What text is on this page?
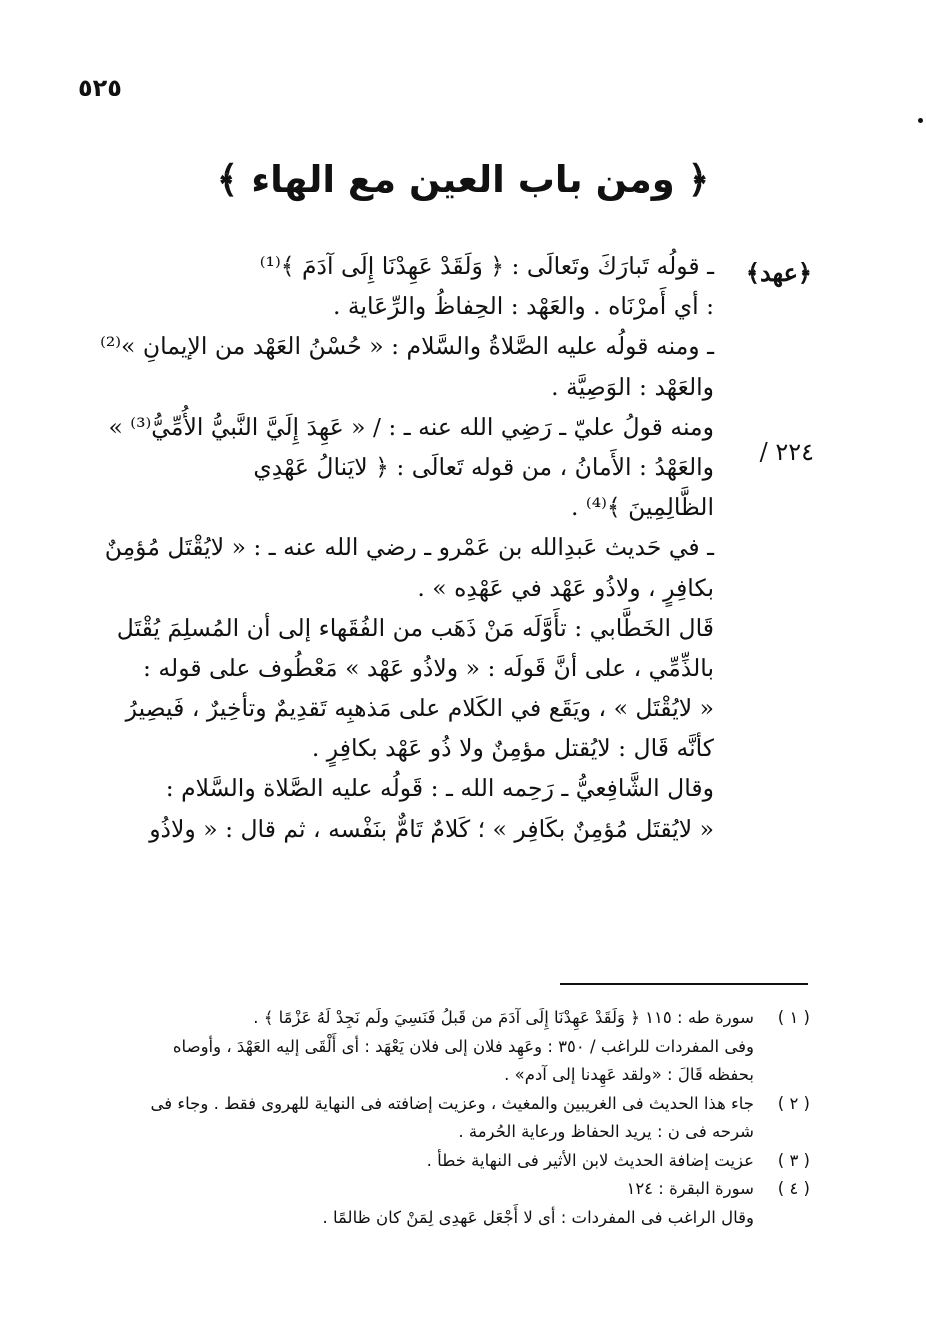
٥٢٥
﴿ ومن باب العين مع الهاء ﴾
﴿عهد﴾
٢٢٤ /
ـ قولُه تَبارَكَ وتَعالَى : ﴿ وَلَقَدْ عَهِدْنَا إِلَى آدَمَ ﴾⁽¹⁾
: أي أَمرْنَاه . والعَهْد : الحِفاظُ والرِّعَاية .
ـ ومنه قولُه عليه الصَّلاةُ والسَّلام : « حُسْنُ العَهْد من الإيمانِ »⁽²⁾
والعَهْد : الوَصِيَّة .
ومنه قولُ عليّ ـ رَضِي الله عنه ـ : / « عَهِدَ إِلَيَّ النَّبيُّ الأُمِّيُّ⁽³⁾ »
والعَهْدُ : الأَمانُ ، من قوله تَعالَى : ﴿ لايَنالُ عَهْدِي
الظَّالِمِينَ ﴾⁽⁴⁾ .
ـ في حَديث عَبدِالله بن عَمْرو ـ رضي الله عنه ـ : « لايُقْتَل مُؤمِنٌ
بكافِرٍ ، ولاذُو عَهْد في عَهْدِه » .
قَال الخَطَّابي : تأَوَّلَه مَنْ ذَهَب من الفُقَهاء إلى أن المُسلِمَ يُقْتَل
بالذِّمِّي ، على أنَّ قَولَه : « ولاذُو عَهْد » مَعْطُوف على قوله :
« لايُقْتَل » ، ويَقَع في الكَلام على مَذهبِه تَقدِيمٌ وتأخِيرٌ ، فَيصِيرُ
كأنَّه قَال : لايُقتل مؤمِنٌ ولا ذُو عَهْد بكافِرٍ .
وقال الشَّافِعيُّ ـ رَحِمه الله ـ : قَولُه عليه الصَّلاة والسَّلام :
« لايُقتَل مُؤمِنٌ بكَافِر » ؛ كَلامٌ تَامٌّ بنَفْسه ، ثم قال : « ولاذُو
( ١ )
سورة طه : ١١٥ ﴿ وَلَقَدْ عَهِدْنَا إِلَى آدَمَ من قَبلُ فَنَسِيَ ولَم نَجِدْ لَهُ عَزْمًا ﴾ .
وفى المفردات للراغب / ٣٥٠ : وعَهِد فلان إلى فلان يَعْهَد : أى أَلْقَى إليه العَهْدَ ، وأوصاه
بحفظه قَالَ : «ولقد عَهِدنا إلى آدم» .
( ٢ )
جاء هذا الحديث فى الغريبين والمغيث ، وعزيت إضافته فى النهاية للهروى فقط . وجاء فى
شرحه فى ن : يريد الحفاظ ورعاية الحُرمة .
( ٣ )
عزيت إضافة الحديث لابن الأثير فى النهاية خطأ .
( ٤ )
سورة البقرة : ١٢٤
وقال الراغب فى المفردات : أى لا أَجْعَل عَهدِى لِمَنْ كان ظالمًا .
